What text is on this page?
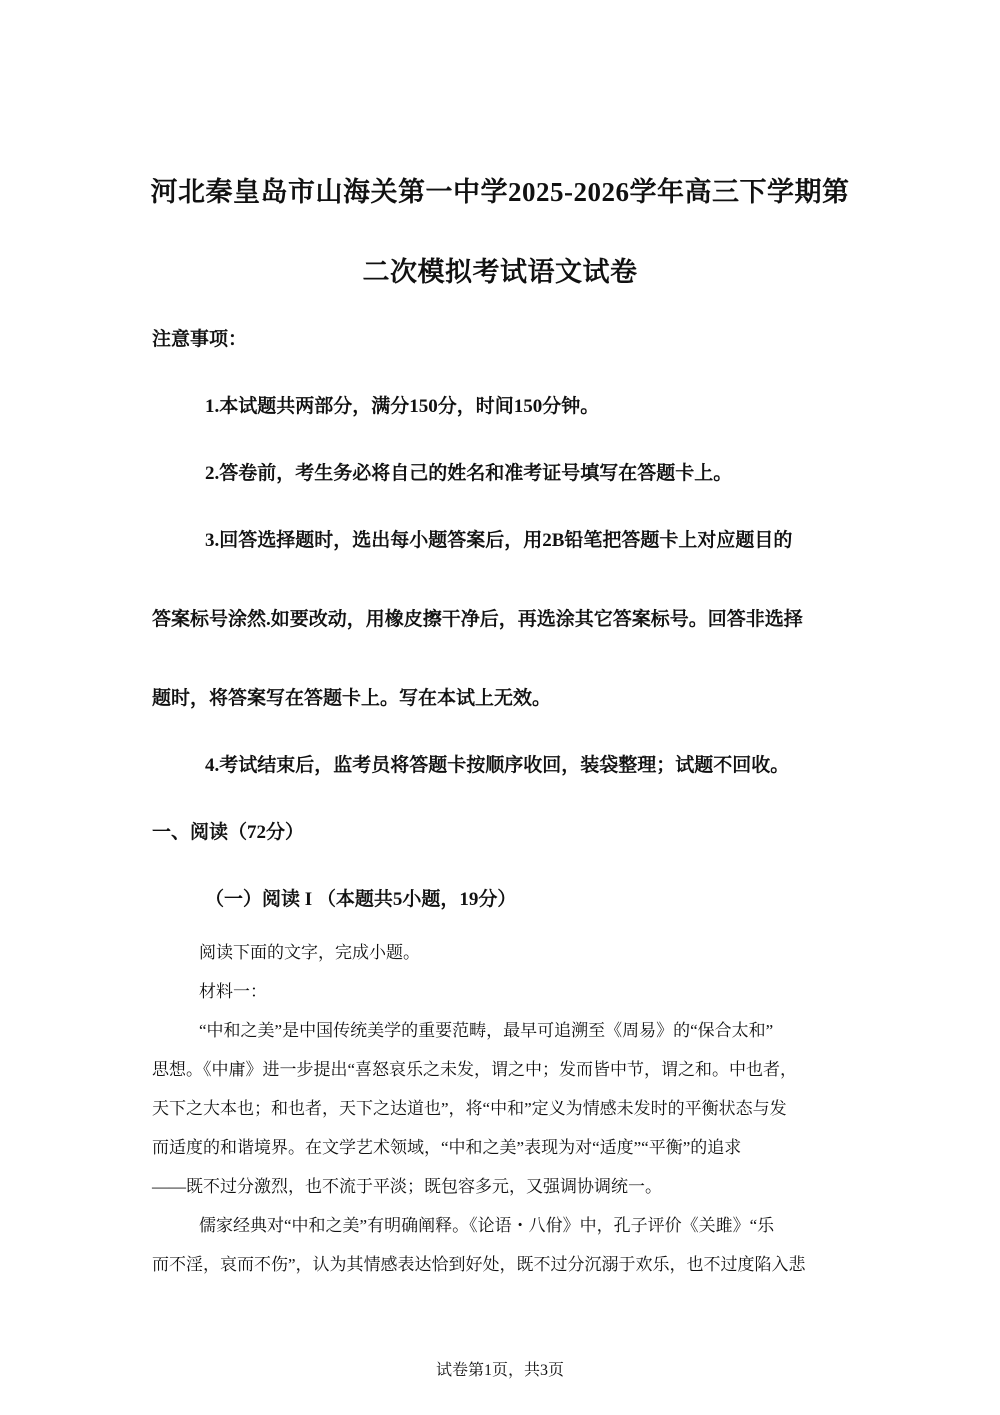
河北秦皇岛市山海关第一中学2025-2026学年高三下学期第

二次模拟考试语文试卷

注意事项：

1.本试题共两部分，满分150分，时间150分钟。

2.答卷前，考生务必将自己的姓名和准考证号填写在答题卡上。

3.回答选择题时，选出每小题答案后，用2B铅笔把答题卡上对应题目的

答案标号涂然.如要改动，用橡皮擦干净后，再选涂其它答案标号。回答非选择

题时，将答案写在答题卡上。写在本试上无效。

4.考试结束后，监考员将答题卡按顺序收回，装袋整理；试题不回收。

一、阅读（72分）

（一）阅读 I （本题共5小题，19分）

阅读下面的文字，完成小题。

材料一：

“中和之美”是中国传统美学的重要范畴，最早可追溯至《周易》的“保合太和”

思想。《中庸》进一步提出“喜怒哀乐之未发，谓之中；发而皆中节，谓之和。中也者，

天下之大本也；和也者，天下之达道也”，将“中和”定义为情感未发时的平衡状态与发

而适度的和谐境界。在文学艺术领域，“中和之美”表现为对“适度”“平衡”的追求

——既不过分激烈，也不流于平淡；既包容多元，又强调协调统一。

儒家经典对“中和之美”有明确阐释。《论语・八佾》中，孔子评价《关雎》“乐

而不淫，哀而不伤”，认为其情感表达恰到好处，既不过分沉溺于欢乐，也不过度陷入悲

试卷第1页，共3页
